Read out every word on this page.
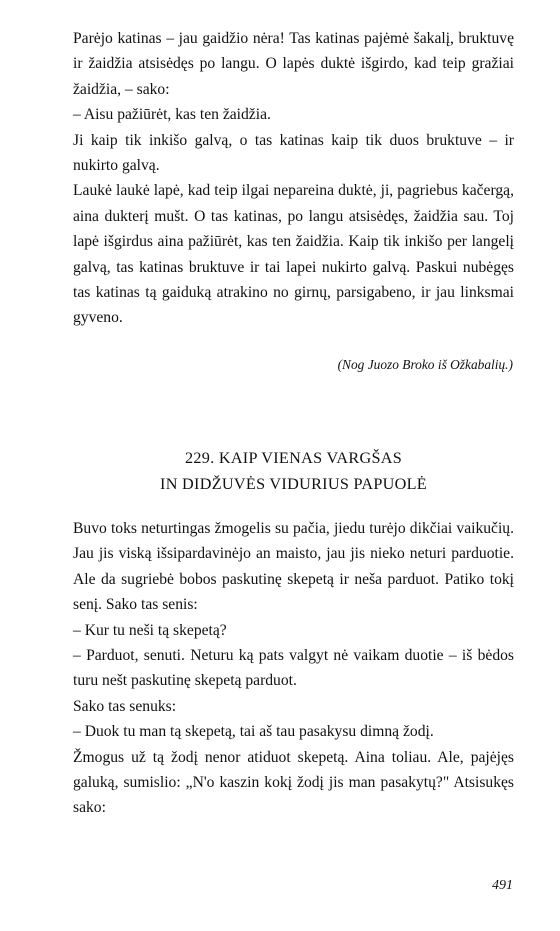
Parėjo katinas – jau gaidžio nėra! Tas katinas pajėmė šakalį, bruktuvę ir žaidžia atsisėdęs po langu. O lapės duktė išgirdo, kad teip gražiai žaidžia, – sako:

– Aisu pažiūrėt, kas ten žaidžia.

Ji kaip tik inkišo galvą, o tas katinas kaip tik duos bruktuve – ir nukirto galvą.

Laukė laukė lapė, kad teip ilgai nepareina duktė, ji, pagriebus kačergą, aina dukterį mušt. O tas katinas, po langu atsisėdęs, žaidžia sau. Toj lapė išgirdus aina pažiūrėt, kas ten žaidžia. Kaip tik inkišo per langelį galvą, tas katinas bruktuve ir tai lapei nukirto galvą. Paskui nubėgęs tas katinas tą gaiduką atrakino no girnų, parsigabeno, ir jau linksmai gyveno.

(Nog Juozo Broko iš Ožkabalių.)
229. KAIP VIENAS VARGŠAS
IN DIDŽUVĖS VIDURIUS PAPUOLĖ

Buvo toks neturtingas žmogelis su pačia, jiedu turėjo dikčiai vaikučių. Jau jis viską išsipardavinėjo an maisto, jau jis nieko neturi parduotie. Ale da sugriebė bobos paskutinę skepetą ir neša parduot. Patiko tokį senį. Sako tas senis:

– Kur tu neši tą skepetą?

– Parduot, senuti. Neturu ką pats valgyt nė vaikam duotie – iš bėdos turu nešt paskutinę skepetą parduot.

Sako tas senuks:

– Duok tu man tą skepetą, tai aš tau pasakysu dimną žodį.

Žmogus už tą žodį nenor atiduot skepetą. Aina toliau. Ale, pajėjęs galuką, sumislio: „N'o kaszin kokį žodį jis man pasakytų?" Atsisukęs sako:

491
